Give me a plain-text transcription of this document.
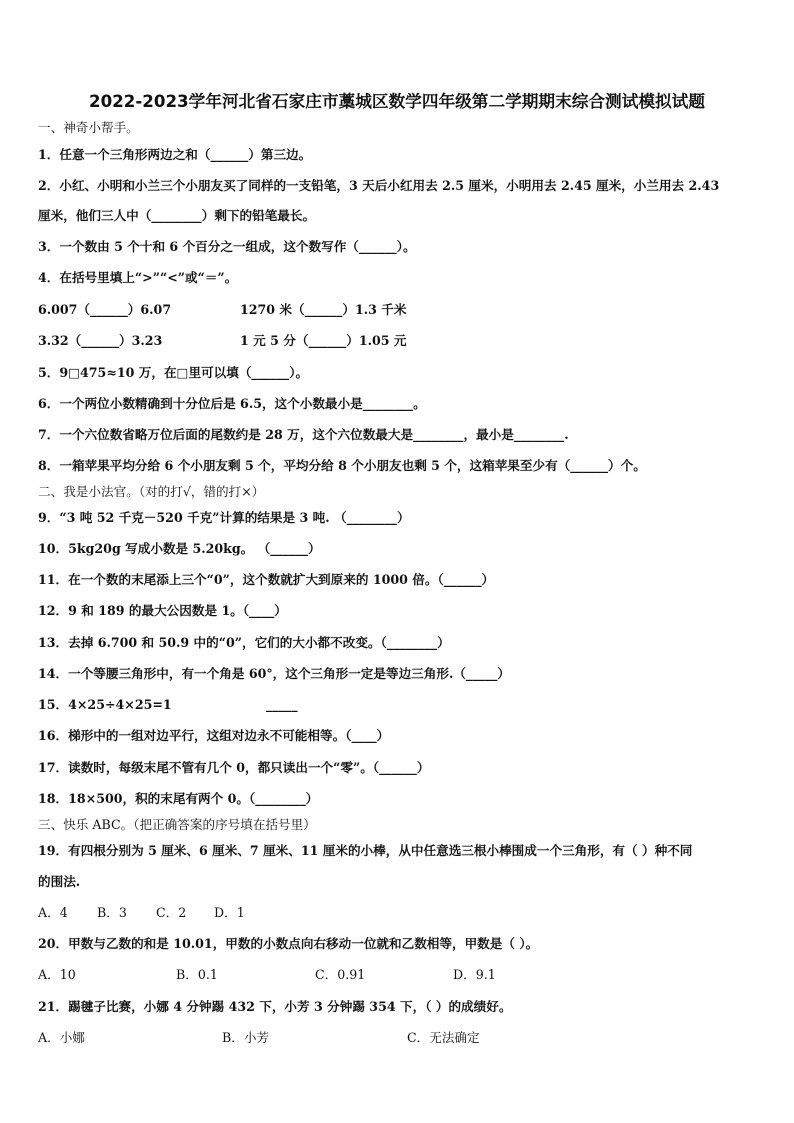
2022-2023学年河北省石家庄市藁城区数学四年级第二学期期末综合测试模拟试题
一、神奇小帮手。
1．任意一个三角形两边之和（______）第三边。
2．小红、小明和小兰三个小朋友买了同样的一支铅笔，3 天后小红用去 2.5 厘米，小明用去 2.45 厘米，小兰用去 2.43
厘米，他们三人中（________）剩下的铅笔最长。
3．一个数由 5 个十和 6 个百分之一组成，这个数写作（______）。
4．在括号里填上“>”“<”或“＝”。
6.007（______）6.07	1270 米（______）1.3 千米
3.32（______）3.23	1 元 5 分（______）1.05 元
5．9□475≈10 万，在□里可以填（______）。
6．一个两位小数精确到十分位后是 6.5，这个小数最小是________。
7．一个六位数省略万位后面的尾数约是 28 万，这个六位数最大是________，最小是________.
8．一箱苹果平均分给 6 个小朋友剩 5 个，平均分给 8 个小朋友也剩 5 个，这箱苹果至少有（______）个。
二、我是小法官。（对的打√，错的打×）
9．“3 吨 52 千克－520 千克”计算的结果是 3 吨. （________）
10．5kg20g 写成小数是 5.20kg。 （______）
11．在一个数的末尾添上三个“0”，这个数就扩大到原来的 1000 倍。（______）
12．9 和 189 的最大公因数是 1。（____）
13．去掉 6.700 和 50.9 中的“0”，它们的大小都不改变。（________）
14．一个等腰三角形中，有一个角是 60°，这个三角形一定是等边三角形.（_____）
15．4×25÷4×25=1	_____
16．梯形中的一组对边平行，这组对边永不可能相等。（____）
17．读数时，每级末尾不管有几个 0，都只读出一个“零”。（______）
18．18×500，积的末尾有两个 0。（________）
三、快乐 ABC。（把正确答案的序号填在括号里）
19．有四根分别为 5 厘米、6 厘米、7 厘米、11 厘米的小棒，从中任意选三根小棒围成一个三角形，有（ ）种不同
的围法.
A．4 B．3 C．2 D．1
20．甲数与乙数的和是 10.01，甲数的小数点向右移动一位就和乙数相等，甲数是（ ）。
A．10	B．0.1	C．0.91	D．9.1
21．踢毽子比赛，小娜 4 分钟踢 432 下，小芳 3 分钟踢 354 下，（ ）的成绩好。
A．小娜	B．小芳	C．无法确定
